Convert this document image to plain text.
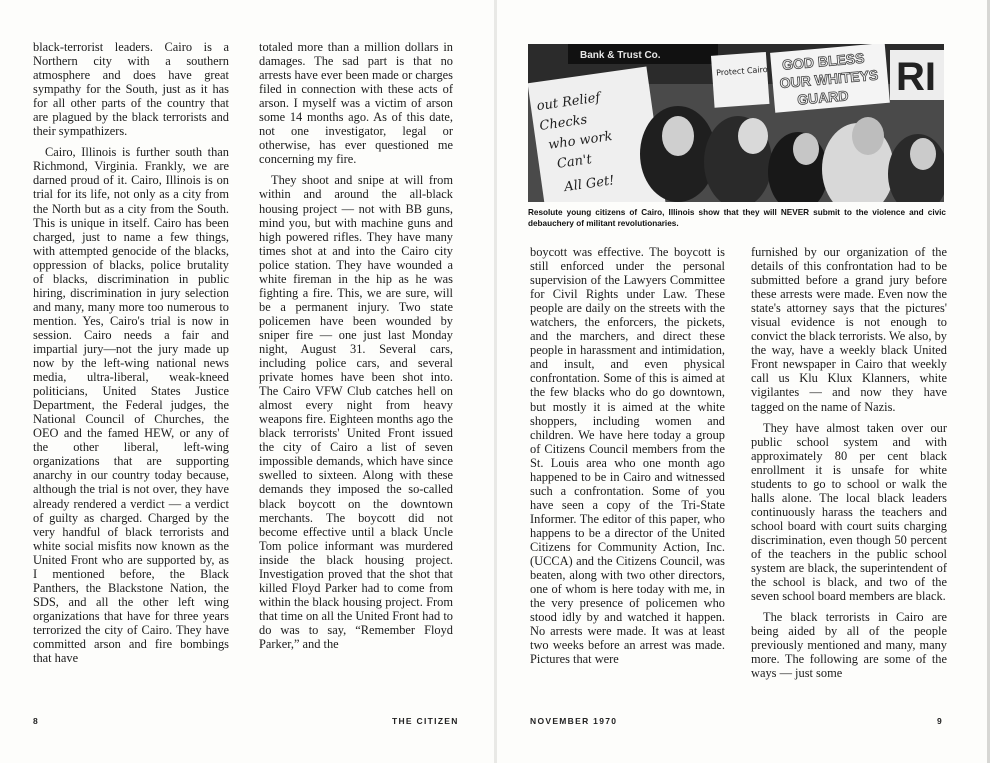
black-terrorist leaders. Cairo is a Northern city with a southern atmosphere and does have great sympathy for the South, just as it has for all other parts of the country that are plagued by the black terrorists and their sympathizers.

Cairo, Illinois is further south than Richmond, Virginia. Frankly, we are darned proud of it. Cairo, Illinois is on trial for its life, not only as a city from the North but as a city from the South. This is unique in itself. Cairo has been charged, just to name a few things, with attempted genocide of the blacks, oppression of blacks, police brutality of blacks, discrimination in public hiring, discrimination in jury selection and many, many more too numerous to mention. Yes, Cairo's trial is now in session. Cairo needs a fair and impartial jury—not the jury made up now by the left-wing national news media, ultra-liberal, weak-kneed politicians, United States Justice Department, the Federal judges, the National Council of Churches, the OEO and the famed HEW, or any of the other liberal, left-wing organizations that are supporting anarchy in our country today because, although the trial is not over, they have already rendered a verdict — a verdict of guilty as charged. Charged by the very handful of black terrorists and white social misfits now known as the United Front who are supported by, as I mentioned before, the Black Panthers, the Blackstone Nation, the SDS, and all the other left wing organizations that have for three years terrorized the city of Cairo. They have committed arson and fire bombings that have

totaled more than a million dollars in damages. The sad part is that no arrests have ever been made or charges filed in connection with these acts of arson. I myself was a victim of arson some 14 months ago. As of this date, not one investigator, legal or otherwise, has ever questioned me concerning my fire.

They shoot and snipe at will from within and around the all-black housing project — not with BB guns, mind you, but with machine guns and high powered rifles. They have many times shot at and into the Cairo city police station. They have wounded a white fireman in the hip as he was fighting a fire. This, we are sure, will be a permanent injury. Two state policemen have been wounded by sniper fire — one just last Monday night, August 31. Several cars, including police cars, and several private homes have been shot into. The Cairo VFW Club catches hell on almost every night from heavy weapons fire. Eighteen months ago the black terrorists' United Front issued the city of Cairo a list of seven impossible demands, which have since swelled to sixteen. Along with these demands they imposed the so-called black boycott on the downtown merchants. The boycott did not become effective until a black Uncle Tom police informant was murdered inside the black housing project. Investigation proved that the shot that killed Floyd Parker had to come from within the black housing project. From that time on all the United Front had to do was to say, “Remember Floyd Parker,” and the

8	THE CITIZEN
Bank & Trust Co.
out Relief Checks who work Can't All Get!
Protect Cairo GOD BLESS OUR WHITEYS GUARD	RI
Resolute young citizens of Cairo, Illinois show that they will NEVER submit to the violence and civic debauchery of militant revolutionaries.

boycott was effective. The boycott is still enforced under the personal supervision of the Lawyers Committee for Civil Rights under Law. These people are daily on the streets with the watchers, the enforcers, the pickets, and the marchers, and direct these people in harassment and intimidation, and insult, and even physical confrontation. Some of this is aimed at the few blacks who do go downtown, but mostly it is aimed at the white shoppers, including women and children. We have here today a group of Citizens Council members from the St. Louis area who one month ago happened to be in Cairo and witnessed such a confrontation. Some of you have seen a copy of the Tri-State Informer. The editor of this paper, who happens to be a director of the United Citizens for Community Action, Inc. (UCCA) and the Citizens Council, was beaten, along with two other directors, one of whom is here today with me, in the very presence of policemen who stood idly by and watched it happen. No arrests were made. It was at least two weeks before an arrest was made. Pictures that were

furnished by our organization of the details of this confrontation had to be submitted before a grand jury before these arrests were made. Even now the state's attorney says that the pictures' visual evidence is not enough to convict the black terrorists. We also, by the way, have a weekly black United Front newspaper in Cairo that weekly call us Klu Klux Klanners, white vigilantes — and now they have tagged on the name of Nazis.

They have almost taken over our public school system and with approximately 80 per cent black enrollment it is unsafe for white students to go to school or walk the halls alone. The local black leaders continuously harass the teachers and school board with court suits charging discrimination, even though 50 percent of the teachers in the public school system are black, the superintendent of the school is black, and two of the seven school board members are black.

The black terrorists in Cairo are being aided by all of the people previously mentioned and many, many more. The following are some of the ways — just some

NOVEMBER 1970	9
